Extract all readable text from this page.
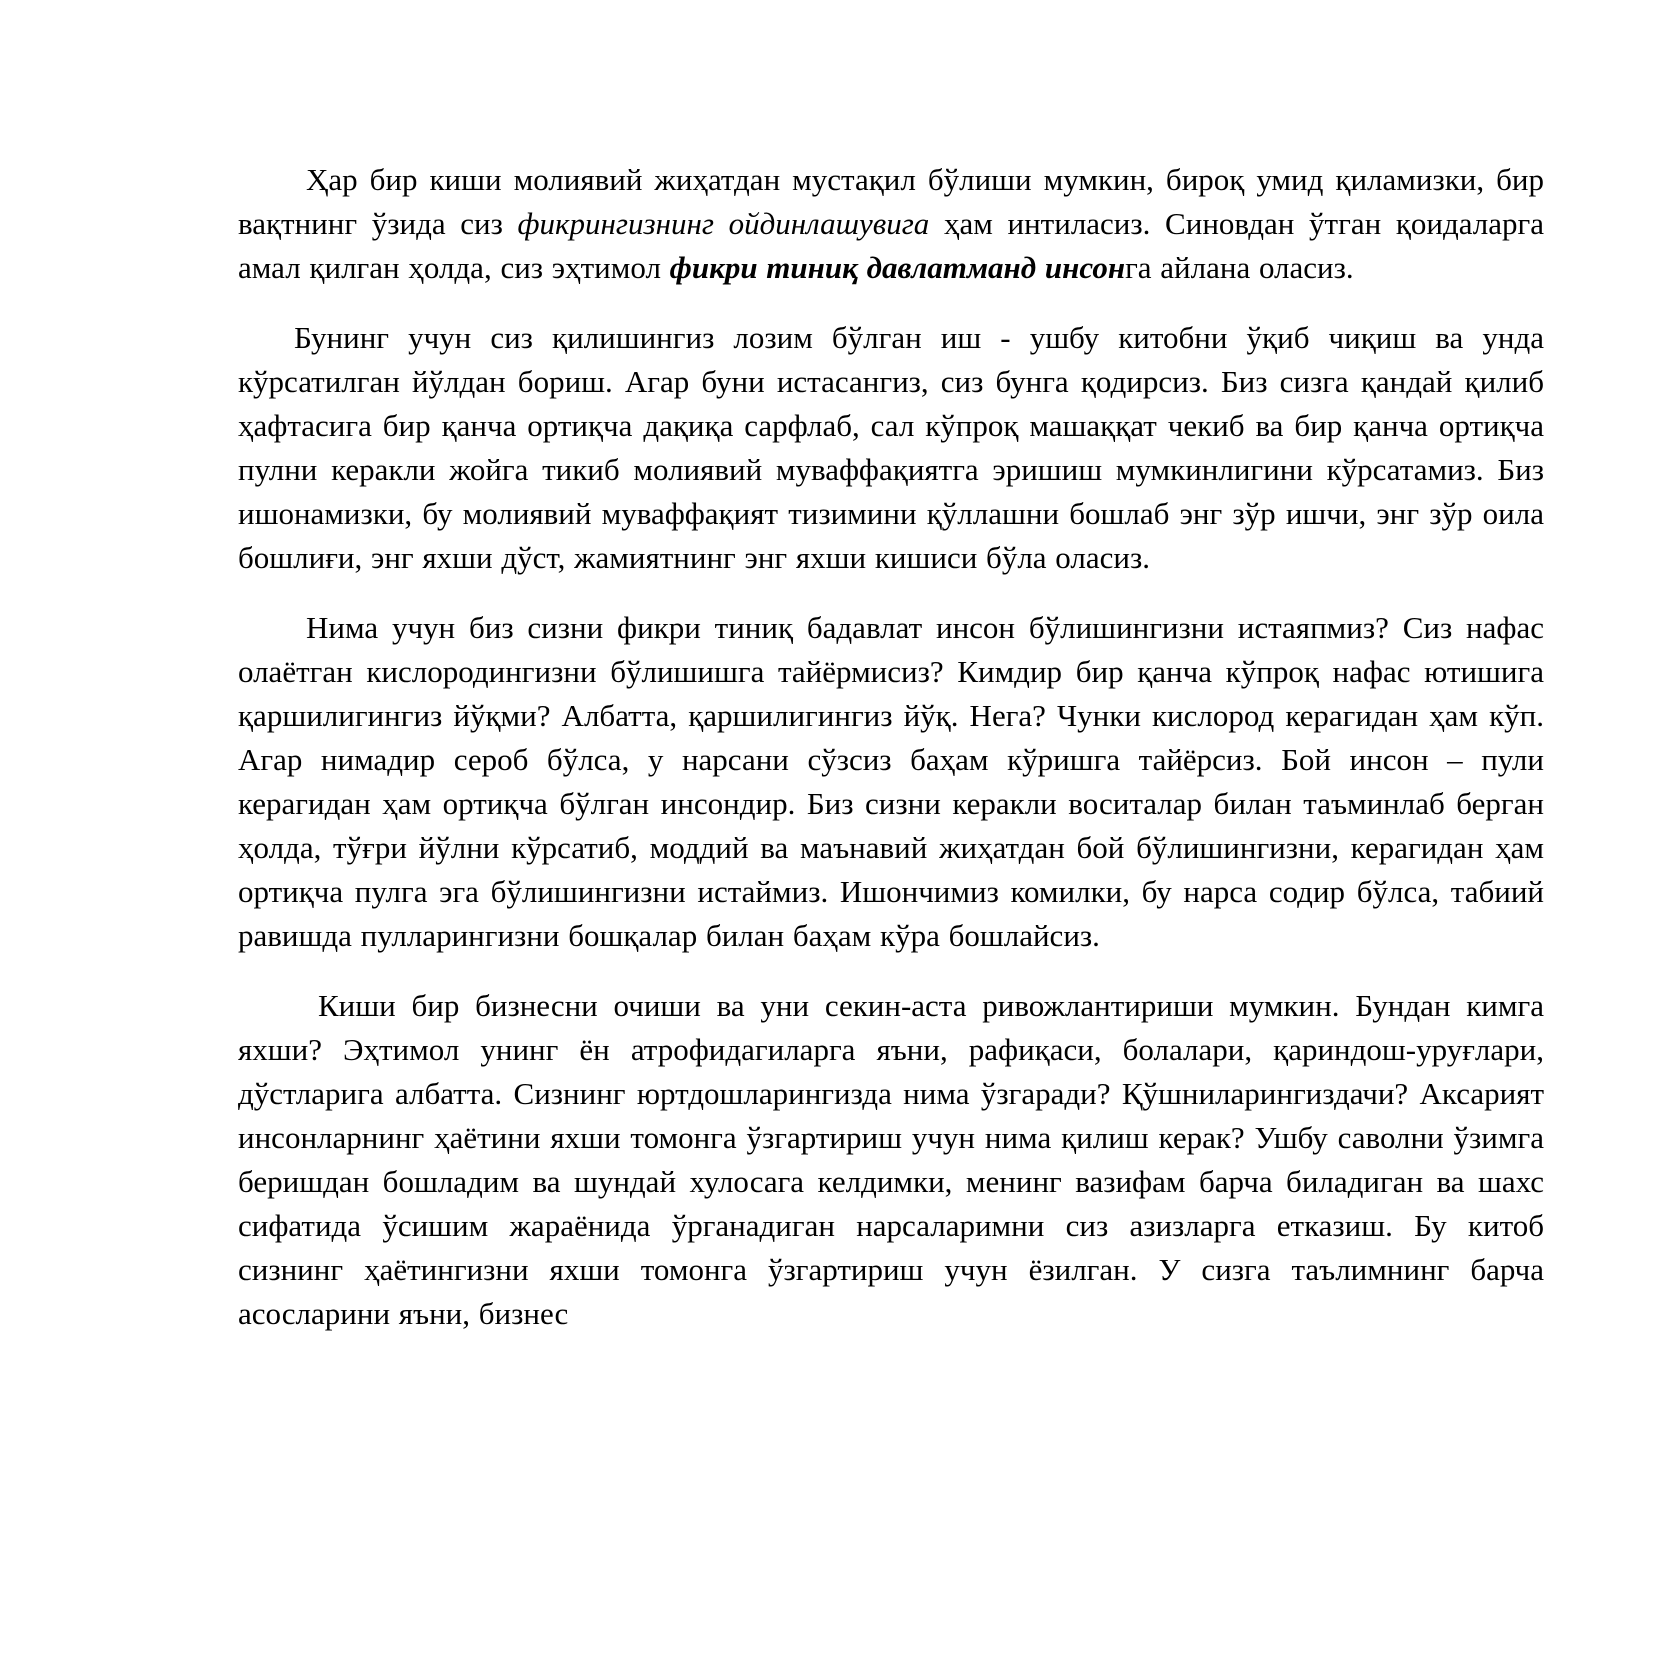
Ҳар бир киши молиявий жиҳатдан мустақил бўлиши мумкин, бироқ умид қиламизки, бир вақтнинг ўзида сиз фикрингизнинг ойдинлашувига ҳам интиласиз. Синовдан ўтган қоидаларга амал қилган ҳолда, сиз эҳтимол фикри тиниқ давлатманд инсонга айлана оласиз.

Бунинг учун сиз қилишингиз лозим бўлган иш - ушбу китобни ўқиб чиқиш ва унда кўрсатилган йўлдан бориш. Агар буни истасангиз, сиз бунга қодирсиз. Биз сизга қандай қилиб ҳафтасига бир қанча ортиқча дақиқа сарфлаб, сал кўпроқ машаққат чекиб ва бир қанча ортиқча пулни керакли жойга тикиб молиявий муваффақиятга эришиш мумкинлигини кўрсатамиз. Биз ишонамизки, бу молиявий муваффақият тизимини қўллашни бошлаб энг зўр ишчи, энг зўр оила бошлиғи, энг яхши дўст, жамиятнинг энг яхши кишиси бўла оласиз.

Нима учун биз сизни фикри тиниқ бадавлат инсон бўлишингизни истаяпмиз? Сиз нафас олаётган кислородингизни бўлишишга тайёрмисиз? Кимдир бир қанча кўпроқ нафас ютишига қаршилигингиз йўқми? Албатта, қаршилигингиз йўқ. Нега? Чунки кислород керагидан ҳам кўп. Агар нимадир сероб бўлса, у нарсани сўзсиз баҳам кўришга тайёрсиз. Бой инсон – пули керагидан ҳам ортиқча бўлган инсондир. Биз сизни керакли воситалар билан таъминлаб берган ҳолда, тўғри йўлни кўрсатиб, моддий ва маънавий жиҳатдан бой бўлишингизни, керагидан ҳам ортиқча пулга эга бўлишингизни истаймиз. Ишончимиз комилки, бу нарса содир бўлса, табиий равишда пулларингизни бошқалар билан баҳам кўра бошлайсиз.

Киши бир бизнесни очиши ва уни секин-аста ривожлантириши мумкин. Бундан кимга яхши? Эҳтимол унинг ён атрофидагиларга яъни, рафиқаси, болалари, қариндош-уруғлари, дўстларига албатта. Сизнинг юртдошларингизда нима ўзгаради? Қўшниларингиздачи? Аксарият инсонларнинг ҳаётини яхши томонга ўзгартириш учун нима қилиш керак? Ушбу саволни ўзимга беришдан бошладим ва шундай хулосага келдимки, менинг вазифам барча биладиган ва шахс сифатида ўсишим жараёнида ўрганадиган нарсаларимни сиз азизларга етказиш. Бу китоб сизнинг ҳаётингизни яхши томонга ўзгартириш учун ёзилган. У сизга таълимнинг барча асосларини яъни, бизнес
